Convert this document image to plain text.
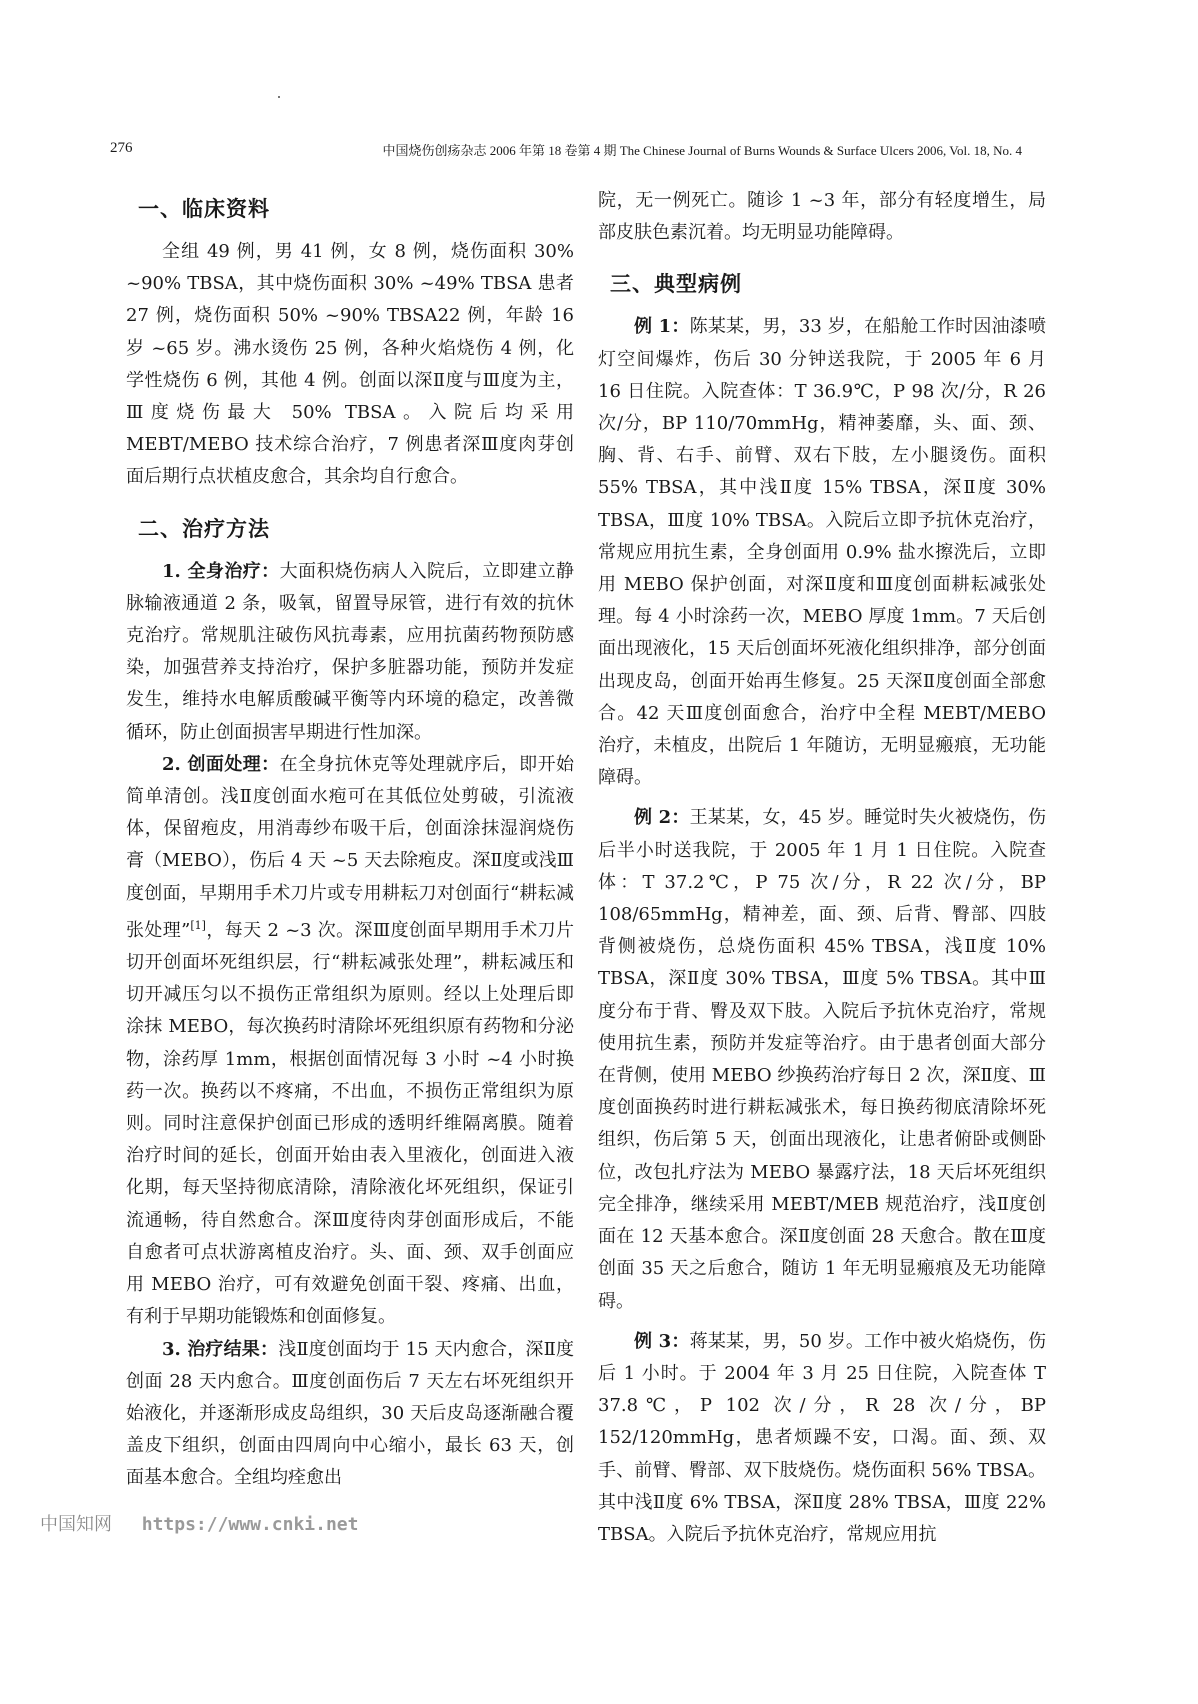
276	中国烧伤创疡杂志 2006 年第 18 卷第 4 期 The Chinese Journal of Burns Wounds & Surface Ulcers 2006, Vol. 18, No. 4
一、临床资料

全组 49 例，男 41 例，女 8 例，烧伤面积 30% ~90% TBSA，其中烧伤面积 30% ~49% TBSA 患者 27 例，烧伤面积 50% ~90% TBSA22 例，年龄 16 岁 ~65 岁。沸水烫伤 25 例，各种火焰烧伤 4 例，化学性烧伤 6 例，其他 4 例。创面以深Ⅱ度与Ⅲ度为主，Ⅲ度烧伤最大 50% TBSA。入院后均采用 MEBT/MEBO 技术综合治疗，7 例患者深Ⅲ度肉芽创面后期行点状植皮愈合，其余均自行愈合。

二、治疗方法

1. 全身治疗：大面积烧伤病人入院后，立即建立静脉输液通道 2 条，吸氧，留置导尿管，进行有效的抗休克治疗。常规肌注破伤风抗毒素，应用抗菌药物预防感染，加强营养支持治疗，保护多脏器功能，预防并发症发生，维持水电解质酸碱平衡等内环境的稳定，改善微循环，防止创面损害早期进行性加深。

2. 创面处理：在全身抗休克等处理就序后，即开始简单清创。浅Ⅱ度创面水疱可在其低位处剪破，引流液体，保留疱皮，用消毒纱布吸干后，创面涂抹湿润烧伤膏（MEBO），伤后 4 天 ~5 天去除疱皮。深Ⅱ度或浅Ⅲ度创面，早期用手术刀片或专用耕耘刀对创面行“耕耘减张处理”[1]，每天 2 ~3 次。深Ⅲ度创面早期用手术刀片切开创面坏死组织层，行“耕耘减张处理”，耕耘减压和切开减压匀以不损伤正常组织为原则。经以上处理后即涂抹 MEBO，每次换药时清除坏死组织原有药物和分泌物，涂药厚 1mm，根据创面情况每 3 小时 ~4 小时换药一次。换药以不疼痛，不出血，不损伤正常组织为原则。同时注意保护创面已形成的透明纤维隔离膜。随着治疗时间的延长，创面开始由表入里液化，创面进入液化期，每天坚持彻底清除，清除液化坏死组织，保证引流通畅，待自然愈合。深Ⅲ度待肉芽创面形成后，不能自愈者可点状游离植皮治疗。头、面、颈、双手创面应用 MEBO 治疗，可有效避免创面干裂、疼痛、出血，有利于早期功能锻炼和创面修复。

3. 治疗结果：浅Ⅱ度创面均于 15 天内愈合，深Ⅱ度创面 28 天内愈合。Ⅲ度创面伤后 7 天左右坏死组织开始液化，并逐渐形成皮岛组织，30 天后皮岛逐渐融合覆盖皮下组织，创面由四周向中心缩小，最长 63 天，创面基本愈合。全组均痊愈出

院，无一例死亡。随诊 1 ~3 年，部分有轻度增生，局部皮肤色素沉着。均无明显功能障碍。

三、典型病例

例 1：陈某某，男，33 岁，在船舱工作时因油漆喷灯空间爆炸，伤后 30 分钟送我院，于 2005 年 6 月 16 日住院。入院查体：T 36.9℃，P 98 次/分，R 26 次/分，BP 110/70mmHg，精神萎靡，头、面、颈、胸、背、右手、前臂、双右下肢，左小腿烫伤。面积 55% TBSA，其中浅Ⅱ度 15% TBSA，深Ⅱ度 30% TBSA，Ⅲ度 10% TBSA。入院后立即予抗休克治疗，常规应用抗生素，全身创面用 0.9% 盐水擦洗后，立即用 MEBO 保护创面，对深Ⅱ度和Ⅲ度创面耕耘减张处理。每 4 小时涂药一次，MEBO 厚度 1mm。7 天后创面出现液化，15 天后创面坏死液化组织排净，部分创面出现皮岛，创面开始再生修复。25 天深Ⅱ度创面全部愈合。42 天Ⅲ度创面愈合，治疗中全程 MEBT/MEBO 治疗，未植皮，出院后 1 年随访，无明显瘢痕，无功能障碍。

例 2：王某某，女，45 岁。睡觉时失火被烧伤，伤后半小时送我院，于 2005 年 1 月 1 日住院。入院查体：T 37.2℃，P 75 次/分，R 22 次/分，BP 108/65mmHg，精神差，面、颈、后背、臀部、四肢背侧被烧伤，总烧伤面积 45% TBSA，浅Ⅱ度 10% TBSA，深Ⅱ度 30% TBSA，Ⅲ度 5% TBSA。其中Ⅲ度分布于背、臀及双下肢。入院后予抗休克治疗，常规使用抗生素，预防并发症等治疗。由于患者创面大部分在背侧，使用 MEBO 纱换药治疗每日 2 次，深Ⅱ度、Ⅲ度创面换药时进行耕耘减张术，每日换药彻底清除坏死组织，伤后第 5 天，创面出现液化，让患者俯卧或侧卧位，改包扎疗法为 MEBO 暴露疗法，18 天后坏死组织完全排净，继续采用 MEBT/MEB 规范治疗，浅Ⅱ度创面在 12 天基本愈合。深Ⅱ度创面 28 天愈合。散在Ⅲ度创面 35 天之后愈合，随访 1 年无明显瘢痕及无功能障碍。

例 3：蒋某某，男，50 岁。工作中被火焰烧伤，伤后 1 小时。于 2004 年 3 月 25 日住院，入院查体 T 37.8℃，P 102 次/分，R 28 次/分，BP 152/120mmHg，患者烦躁不安，口渴。面、颈、双手、前臂、臀部、双下肢烧伤。烧伤面积 56% TBSA。其中浅Ⅱ度 6% TBSA，深Ⅱ度 28% TBSA，Ⅲ度 22% TBSA。入院后予抗休克治疗，常规应用抗

中国知网 https://www.cnki.net
